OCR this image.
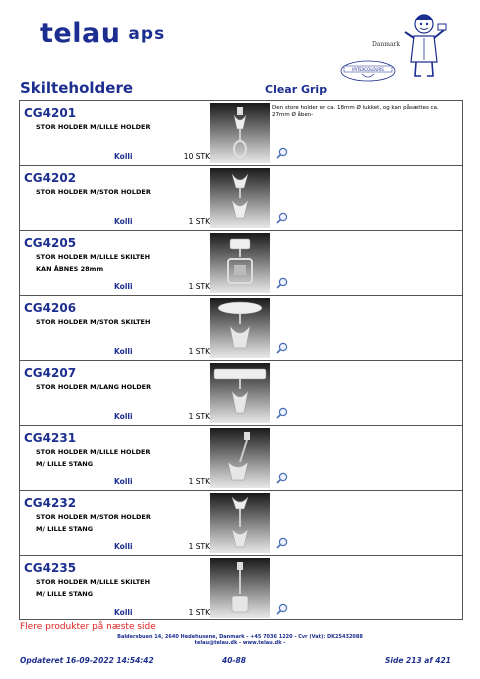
telau aps
Danmark
IPITEXCOLOURS
Skilteholdere	Clear Grip
CG4201
STOR HOLDER M/LILLE HOLDER
Kolli	10 STK
Den store holder er ca. 18mm Ø lukket, og kan påsættes ca. 27mm Ø åben-
CG4202
STOR HOLDER M/STOR HOLDER
Kolli	1 STK
CG4205
STOR HOLDER M/LILLE SKILTEH
KAN ÅBNES 28mm
Kolli	1 STK
CG4206
STOR HOLDER M/STOR SKILTEH
Kolli	1 STK
CG4207
STOR HOLDER M/LANG HOLDER
Kolli	1 STK
CG4231
STOR HOLDER M/LILLE HOLDER
M/ LILLE STANG
Kolli	1 STK
CG4232
STOR HOLDER M/STOR HOLDER
M/ LILLE STANG
Kolli	1 STK
CG4235
STOR HOLDER M/LILLE SKILTEH
M/ LILLE STANG
Kolli	1 STK
Flere produkter på næste side
Baldersbuen 14, 2640 Hedehusene, Danmark - +45 7036 1220 - Cvr (Vat): DK25432088
telau@telau.dk - www.telau.dk -
Opdateret 16-09-2022 14:54:42	40-88	Side 213 af 421
